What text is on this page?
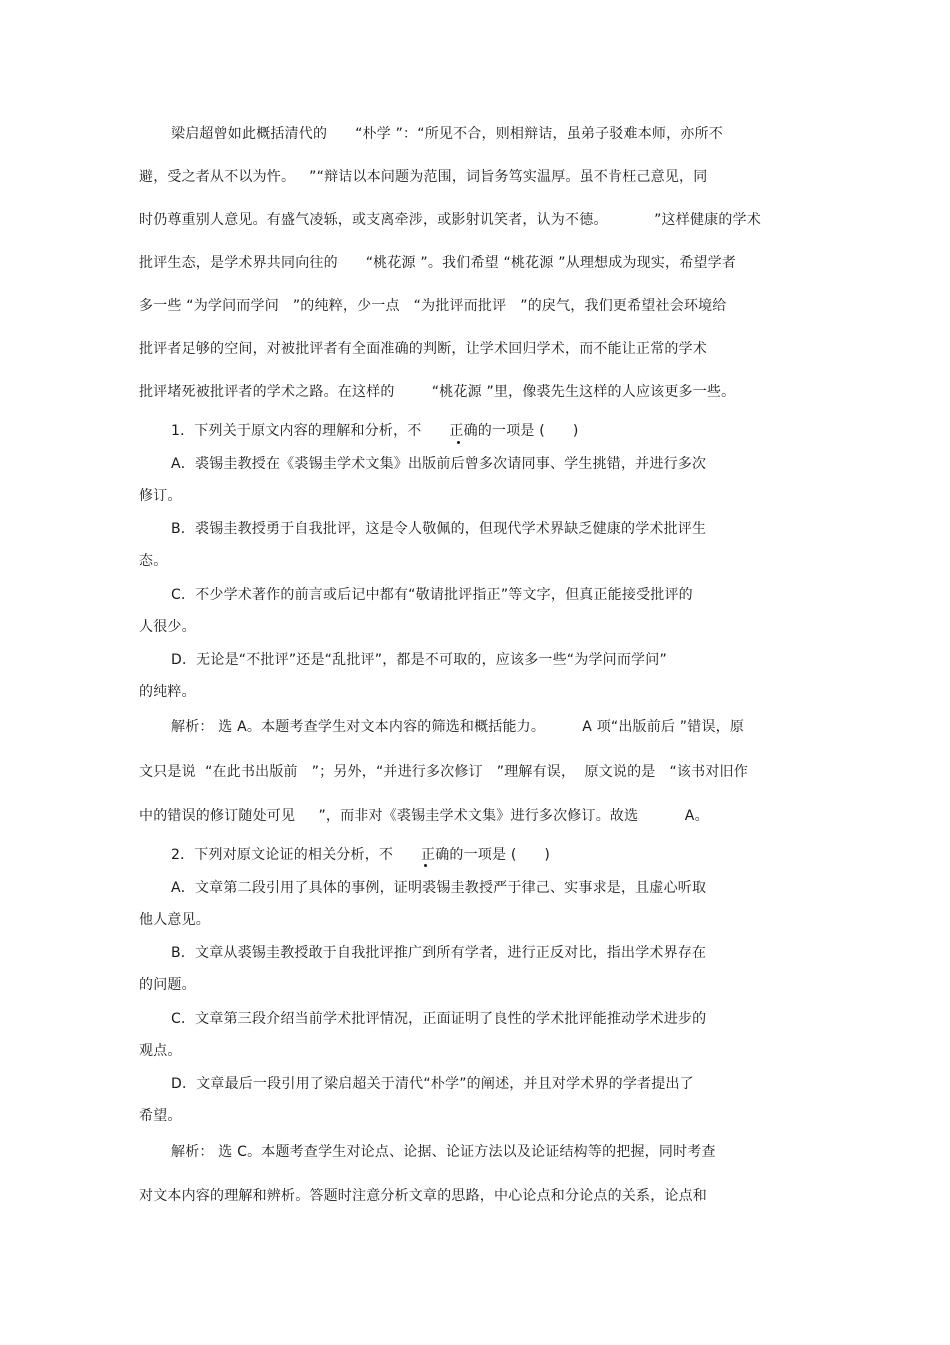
梁启超曾如此概括清代的      “朴学 ”：“所见不合，则相辩诘，虽弟子驳难本师，亦所不
避，受之者从不以为忤。   ”“辩诘以本问题为范围，词旨务笃实温厚。虽不肯枉己意见，同
时仍尊重别人意见。有盛气凌轹，或支离牵涉，或影射讥笑者，认为不德。          ”这样健康的学术
批评生态，是学术界共同向往的      “桃花源 ”。我们希望 “桃花源 ”从理想成为现实，希望学者
多一些 “为学问而学问   ”的纯粹，少一点   “为批评而批评   ”的戾气，我们更希望社会环境给
批评者足够的空间，对被批评者有全面准确的判断，让学术回归学术，而不能让正常的学术
批评堵死被批评者的学术之路。在这样的        “桃花源 ”里，像裘先生这样的人应该更多一些。
1．下列关于原文内容的理解和分析，不      正确的一项是 (      )
A．裘锡圭教授在《裘锡圭学术文集》出版前后曾多次请同事、学生挑错，并进行多次
修订。
B．裘锡圭教授勇于自我批评，这是令人敬佩的，但现代学术界缺乏健康的学术批评生
态。
C．不少学术著作的前言或后记中都有“敬请批评指正”等文字，但真正能接受批评的
人很少。
D．无论是“不批评”还是“乱批评”，都是不可取的，应该多一些“为学问而学问”
的纯粹。
解析： 选 A。本题考查学生对文本内容的筛选和概括能力。        A 项“出版前后 ”错误，原
文只是说  “在此书出版前   ”；另外，“并进行多次修订   ”理解有误，  原文说的是   “该书对旧作
中的错误的修订随处可见     ”，而非对《裘锡圭学术文集》进行多次修订。故选          A。
2．下列对原文论证的相关分析，不      正确的一项是 (      )
A．文章第二段引用了具体的事例，证明裘锡圭教授严于律己、实事求是，且虚心听取
他人意见。
B．文章从裘锡圭教授敢于自我批评推广到所有学者，进行正反对比，指出学术界存在
的问题。
C．文章第三段介绍当前学术批评情况，正面证明了良性的学术批评能推动学术进步的
观点。
D．文章最后一段引用了梁启超关于清代“朴学”的阐述，并且对学术界的学者提出了
希望。
解析： 选 C。本题考查学生对论点、论据、论证方法以及论证结构等的把握，同时考查
对文本内容的理解和辨析。答题时注意分析文章的思路，中心论点和分论点的关系，论点和
